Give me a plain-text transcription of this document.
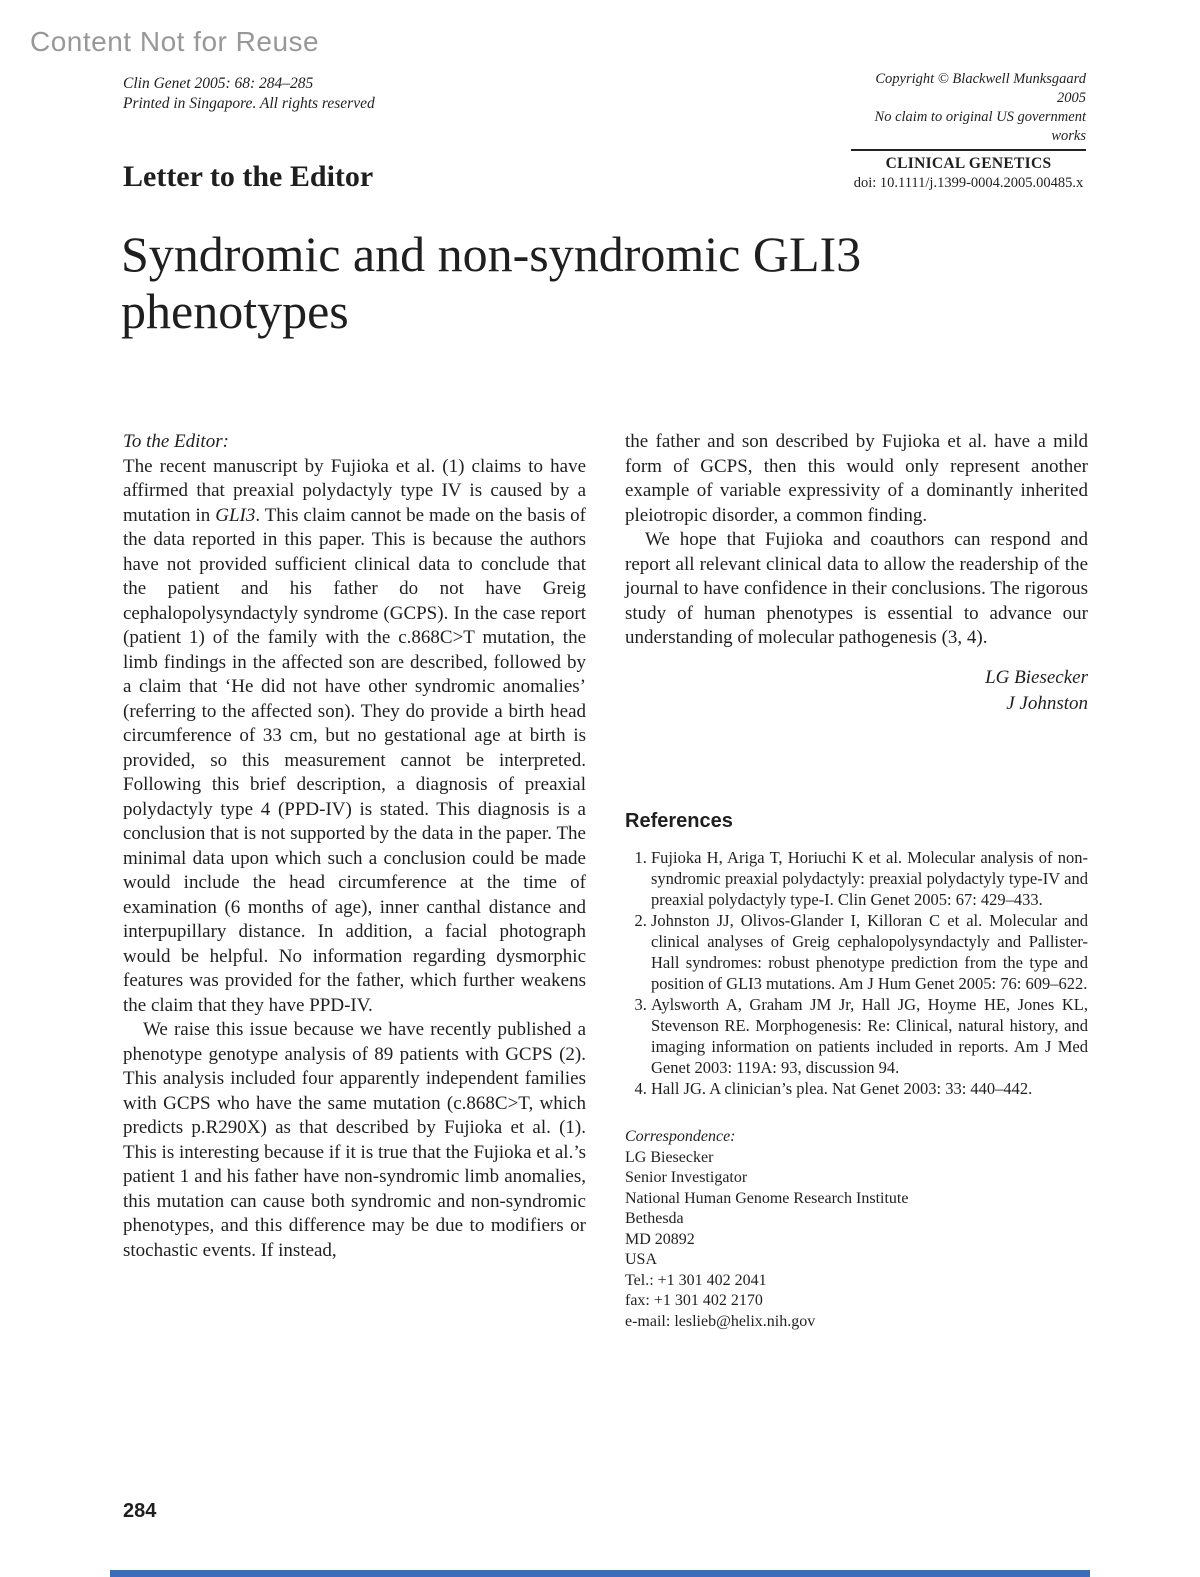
Content Not for Reuse
Clin Genet 2005: 68: 284–285
Printed in Singapore. All rights reserved
Copyright © Blackwell Munksgaard 2005
No claim to original US government works
CLINICAL GENETICS
doi: 10.1111/j.1399-0004.2005.00485.x
Letter to the Editor
Syndromic and non-syndromic GLI3 phenotypes
To the Editor:

The recent manuscript by Fujioka et al. (1) claims to have affirmed that preaxial polydactyly type IV is caused by a mutation in GLI3. This claim cannot be made on the basis of the data reported in this paper. This is because the authors have not provided sufficient clinical data to conclude that the patient and his father do not have Greig cephalopolysyndactyly syndrome (GCPS). In the case report (patient 1) of the family with the c.868C>T mutation, the limb findings in the affected son are described, followed by a claim that ‘He did not have other syndromic anomalies’ (referring to the affected son). They do provide a birth head circumference of 33 cm, but no gestational age at birth is provided, so this measurement cannot be interpreted. Following this brief description, a diagnosis of preaxial polydactyly type 4 (PPD-IV) is stated. This diagnosis is a conclusion that is not supported by the data in the paper. The minimal data upon which such a conclusion could be made would include the head circumference at the time of examination (6 months of age), inner canthal distance and interpupillary distance. In addition, a facial photograph would be helpful. No information regarding dysmorphic features was provided for the father, which further weakens the claim that they have PPD-IV.

We raise this issue because we have recently published a phenotype genotype analysis of 89 patients with GCPS (2). This analysis included four apparently independent families with GCPS who have the same mutation (c.868C>T, which predicts p.R290X) as that described by Fujioka et al. (1). This is interesting because if it is true that the Fujioka et al.’s patient 1 and his father have non-syndromic limb anomalies, this mutation can cause both syndromic and non-syndromic phenotypes, and this difference may be due to modifiers or stochastic events. If instead,

the father and son described by Fujioka et al. have a mild form of GCPS, then this would only represent another example of variable expressivity of a dominantly inherited pleiotropic disorder, a common finding.

We hope that Fujioka and coauthors can respond and report all relevant clinical data to allow the readership of the journal to have confidence in their conclusions. The rigorous study of human phenotypes is essential to advance our understanding of molecular pathogenesis (3, 4).

LG Biesecker
J Johnston
References
1. Fujioka H, Ariga T, Horiuchi K et al. Molecular analysis of non-syndromic preaxial polydactyly: preaxial polydactyly type-IV and preaxial polydactyly type-I. Clin Genet 2005: 67: 429–433.
2. Johnston JJ, Olivos-Glander I, Killoran C et al. Molecular and clinical analyses of Greig cephalopolysyndactyly and Pallister-Hall syndromes: robust phenotype prediction from the type and position of GLI3 mutations. Am J Hum Genet 2005: 76: 609–622.
3. Aylsworth A, Graham JM Jr, Hall JG, Hoyme HE, Jones KL, Stevenson RE. Morphogenesis: Re: Clinical, natural history, and imaging information on patients included in reports. Am J Med Genet 2003: 119A: 93, discussion 94.
4. Hall JG. A clinician’s plea. Nat Genet 2003: 33: 440–442.
Correspondence:
LG Biesecker
Senior Investigator
National Human Genome Research Institute
Bethesda
MD 20892
USA
Tel.: +1 301 402 2041
fax: +1 301 402 2170
e-mail: leslieb@helix.nih.gov
284
